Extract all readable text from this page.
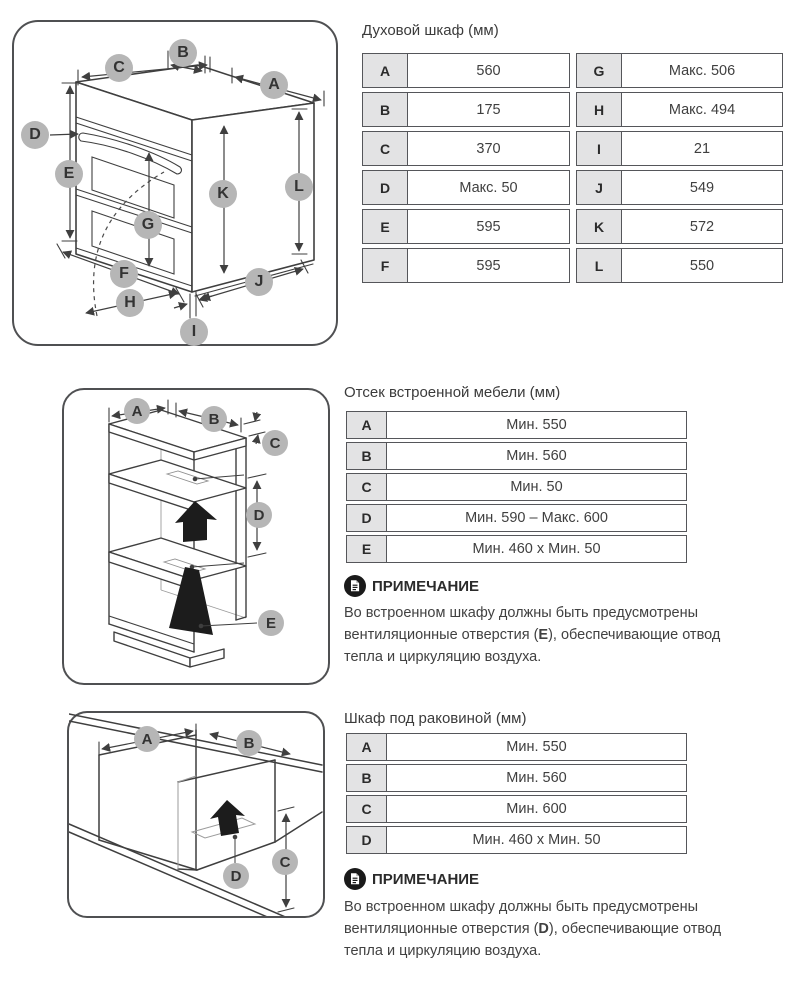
A
B
C
D
E
F
G
H
I
J
K	L
Духовой шкаф (мм)
A	560	G	Макс. 506
B	175	H	Макс. 494
C	370	I	21
D	Макс. 50	J	549
E	595	K	572
F	595	L	550
A	B
C
D
E
Отсек встроенной мебели (мм)
A	Мин. 550
B	Мин. 560
C	Мин. 50
D	Мин. 590 – Макс. 600
E	Мин. 460 x Мин. 50
ПРИМЕЧАНИЕ
Во встроенном шкафу должны быть предусмотрены
вентиляционные отверстия (E), обеспечивающие отвод
тепла и циркуляцию воздуха.
A	B
C
D
Шкаф под раковиной (мм)
A	Мин. 550
B	Мин. 560
C	Мин. 600
D	Мин. 460 x Мин. 50
ПРИМЕЧАНИЕ
Во встроенном шкафу должны быть предусмотрены
вентиляционные отверстия (D), обеспечивающие отвод
тепла и циркуляцию воздуха.
